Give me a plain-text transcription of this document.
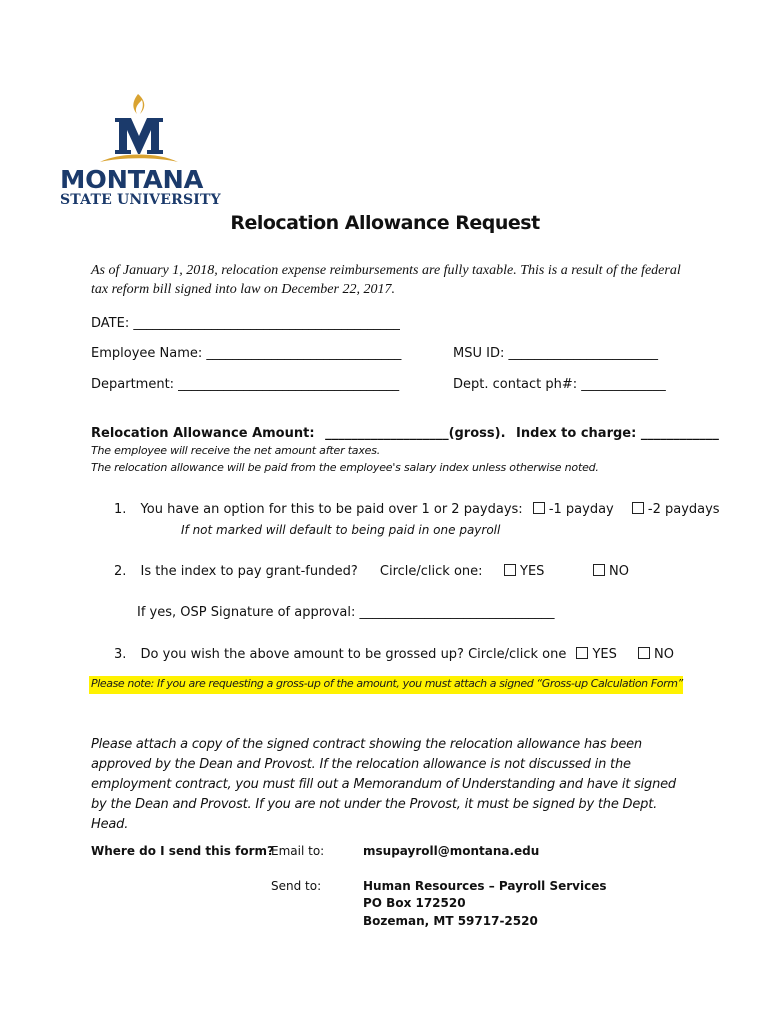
MONTANA
STATE UNIVERSITY
Relocation Allowance Request
As of January 1, 2018, relocation expense reimbursements are fully taxable. This is a result of the federal tax reform bill signed into law on December 22, 2017.
DATE: _________________________________________
Employee Name: ______________________________	MSU ID: _______________________
Department: __________________________________	Dept. contact ph#: _____________
Relocation Allowance Amount: ___________________(gross). Index to charge: ____________
The employee will receive the net amount after taxes.
The relocation allowance will be paid from the employee's salary index unless otherwise noted.
1. You have an option for this to be paid over 1 or 2 paydays: -1 payday	-2 paydays
If not marked will default to being paid in one payroll
2. Is the index to pay grant-funded? Circle/click one:	YES	NO
If yes, OSP Signature of approval: ______________________________
3. Do you wish the above amount to be grossed up? Circle/click one YES	NO
Please note: If you are requesting a gross-up of the amount, you must attach a signed “Gross-up Calculation Form”
Please attach a copy of the signed contract showing the relocation allowance has been approved by the Dean and Provost. If the relocation allowance is not discussed in the employment contract, you must fill out a Memorandum of Understanding and have it signed by the Dean and Provost. If you are not under the Provost, it must be signed by the Dept. Head.
Where do I send this form?
Email to:	msupayroll@montana.edu
Send to:	Human Resources – Payroll Services
PO Box 172520
Bozeman, MT 59717-2520
